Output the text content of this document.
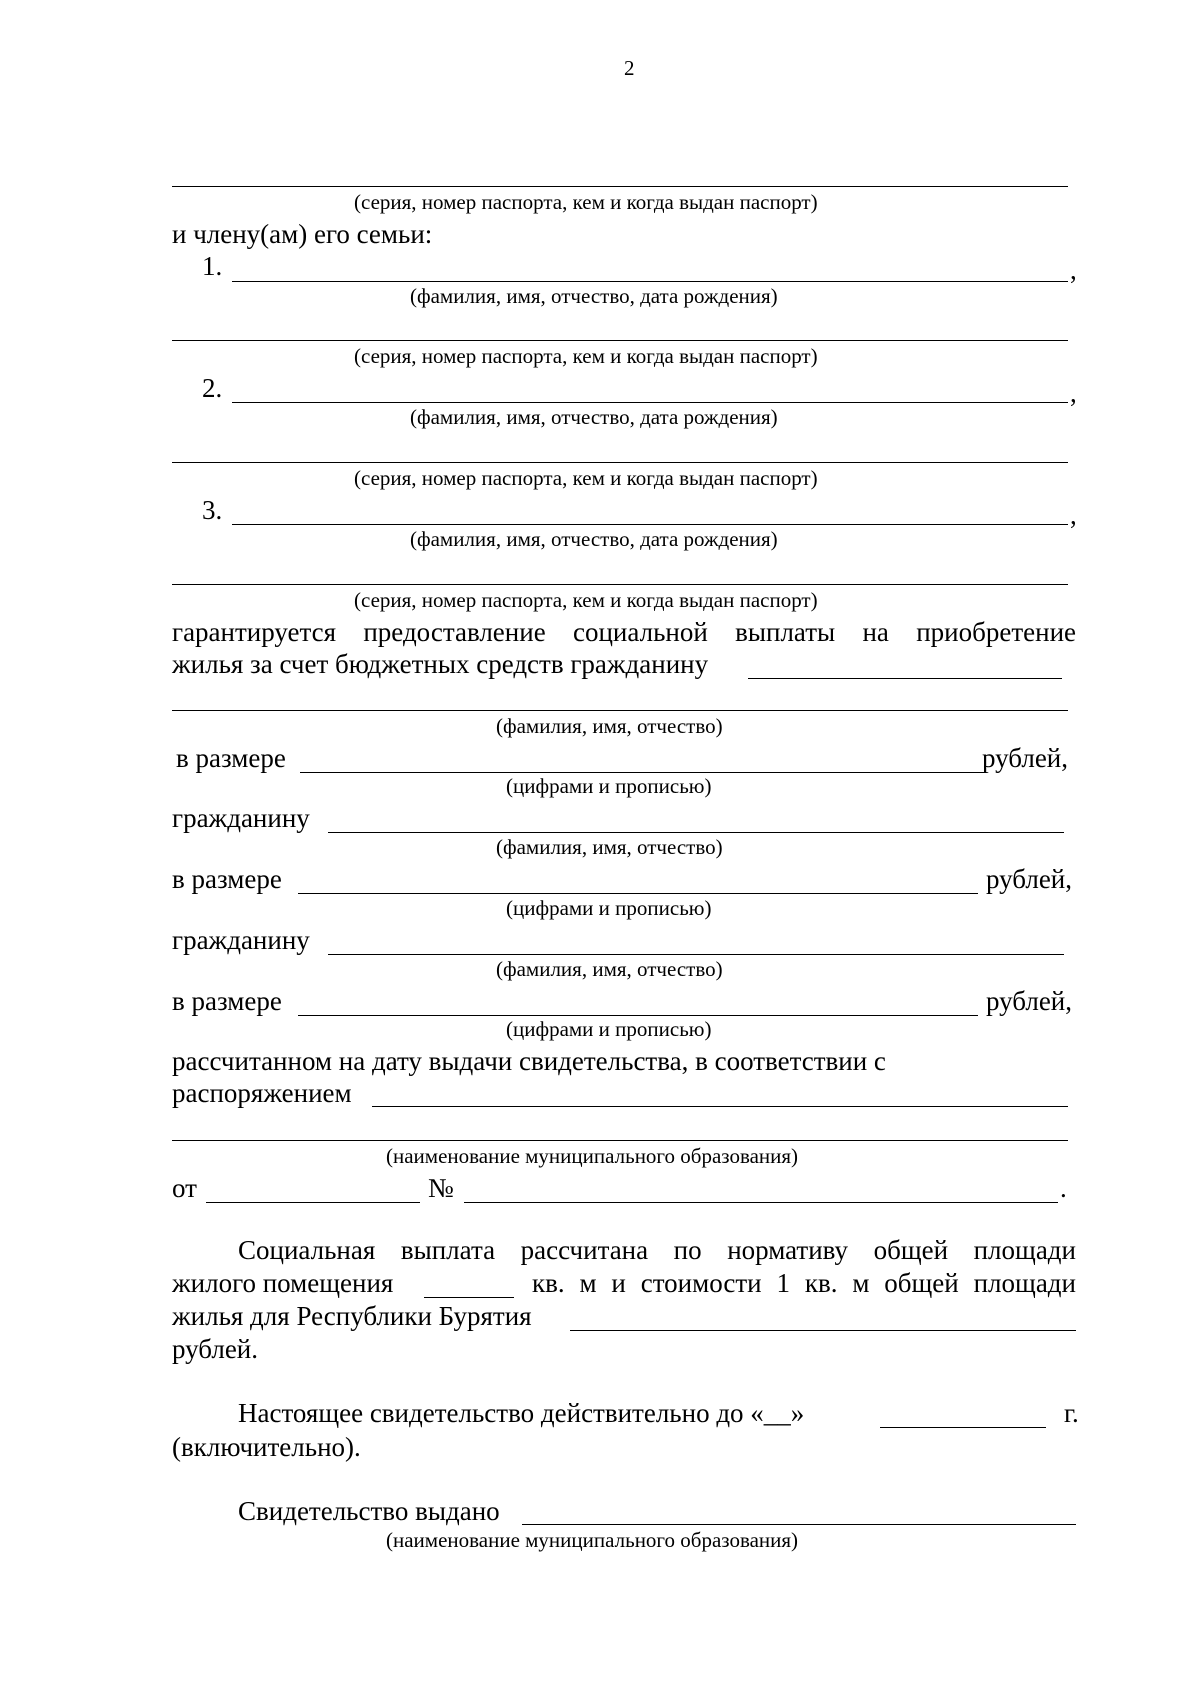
2
(серия, номер паспорта, кем и когда выдан паспорт)
и члену(ам) его семьи:
1.	,
(фамилия, имя, отчество, дата рождения)
(серия, номер паспорта, кем и когда выдан паспорт)
2.	,
(фамилия, имя, отчество, дата рождения)
(серия, номер паспорта, кем и когда выдан паспорт)
3.	,
(фамилия, имя, отчество, дата рождения)
(серия, номер паспорта, кем и когда выдан паспорт)
гарантируется предоставление социальной выплаты на приобретение
жилья за счет бюджетных средств гражданину
(фамилия, имя, отчество)
в размере	рублей,
(цифрами и прописью)
гражданину
(фамилия, имя, отчество)
в размере	рублей,
(цифрами и прописью)
гражданину
(фамилия, имя, отчество)
в размере	рублей,
(цифрами и прописью)
рассчитанном на дату выдачи свидетельства, в соответствии с
распоряжением
(наименование муниципального образования)
от	№	.
Социальная выплата рассчитана по нормативу общей площади
жилого помещения	кв. м и стоимости 1 кв. м общей площади
жилья для Республики Бурятия
рублей.
Настоящее свидетельство действительно до «__»	г.
(включительно).
Свидетельство выдано
(наименование муниципального образования)
